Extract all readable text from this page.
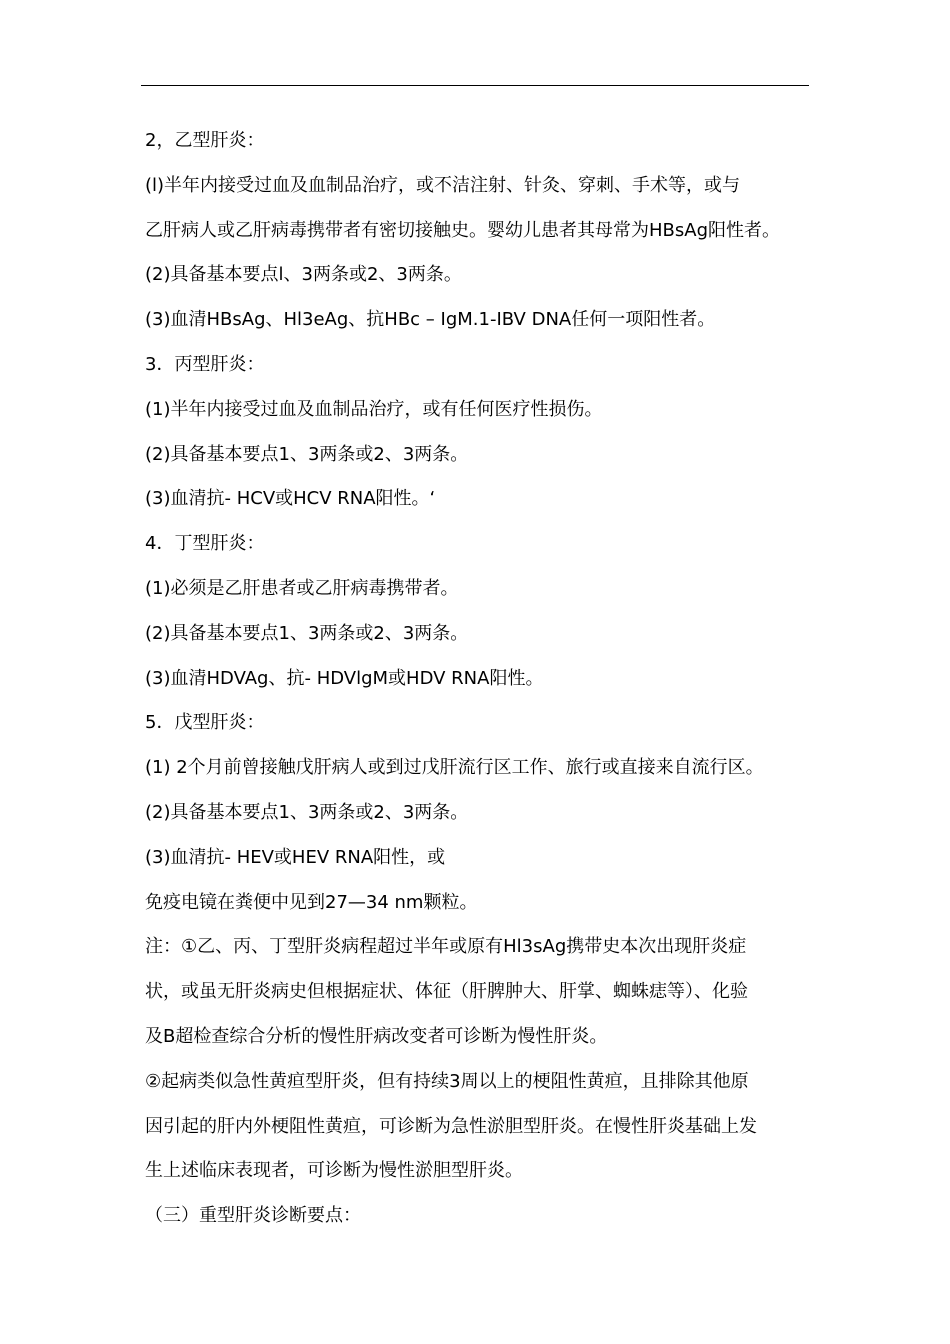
2，乙型肝炎：
(l)半年内接受过血及血制品治疗，或不洁注射、针灸、穿刺、手术等，或与
乙肝病人或乙肝病毒携带者有密切接触史。婴幼儿患者其母常为HBsAg阳性者。
(2)具备基本要点l、3两条或2、3两条。
(3)血清HBsAg、Hl3eAg、抗HBc – IgM.1-IBV DNA任何一项阳性者。
3．丙型肝炎：
(1)半年内接受过血及血制品治疗，或有任何医疗性损伤。
(2)具备基本要点1、3两条或2、3两条。
(3)血清抗- HCV或HCV RNA阳性。‘
4．丁型肝炎：
(1)必须是乙肝患者或乙肝病毒携带者。
(2)具备基本要点1、3两条或2、3两条。
(3)血清HDVAg、抗- HDVlgM或HDV RNA阳性。
5．戊型肝炎：
(1) 2个月前曾接触戊肝病人或到过戊肝流行区工作、旅行或直接来自流行区。
(2)具备基本要点1、3两条或2、3两条。
(3)血清抗- HEV或HEV RNA阳性，或
免疫电镜在粪便中见到27—34 nm颗粒。
注：①乙、丙、丁型肝炎病程超过半年或原有Hl3sAg携带史本次出现肝炎症
状，或虽无肝炎病史但根据症状、体征（肝脾肿大、肝掌、蜘蛛痣等）、化验
及B超检查综合分析的慢性肝病改变者可诊断为慢性肝炎。
②起病类似急性黄疸型肝炎，但有持续3周以上的梗阻性黄疸，且排除其他原
因引起的肝内外梗阻性黄疸，可诊断为急性淤胆型肝炎。在慢性肝炎基础上发
生上述临床表现者，可诊断为慢性淤胆型肝炎。
（三）重型肝炎诊断要点：
